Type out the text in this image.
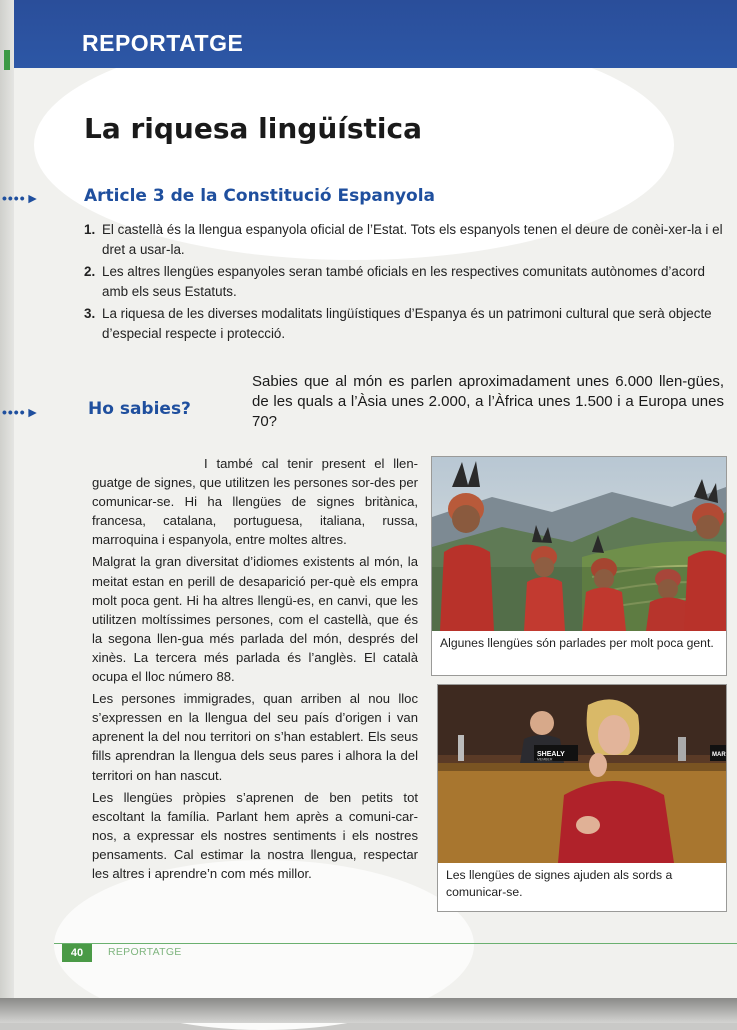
REPORTATGE
La riquesa lingüística
••••►	Article 3 de la Constitució Espanyola
1. El castellà és la llengua espanyola oficial de l’Estat. Tots els espanyols tenen el deure de conèi-xer-la i el dret a usar-la.
2. Les altres llengües espanyoles seran també oficials en les respectives comunitats autònomes d’acord amb els seus Estatuts.
3. La riquesa de les diverses modalitats lingüístiques d’Espanya és un patrimoni cultural que serà objecte d’especial respecte i protecció.
••••►	Ho sabies?
Sabies que al món es parlen aproximadament unes 6.000 llen-gües, de les quals a l’Àsia unes 2.000, a l’Àfrica unes 1.500 i a Europa unes 70?

I també cal tenir present el llen-guatge de signes, que utilitzen les persones sor-des per comunicar-se. Hi ha llengües de signes britànica, francesa, catalana, portuguesa, italiana, russa, marroquina i espanyola, entre moltes altres.

Malgrat la gran diversitat d’idiomes existents al món, la meitat estan en perill de desaparició per-què els empra molt poca gent. Hi ha altres llengü-es, en canvi, que les utilitzen moltíssimes persones, com el castellà, que és la segona llen-gua més parlada del món, després del xinès. La tercera més parlada és l’anglès. El català ocupa el lloc número 88.

Les persones immigrades, quan arriben al nou lloc s’expressen en la llengua del seu país d’origen i van aprenent la del nou territori on s’han establert. Els seus fills aprendran la llengua dels seus pares i alhora la del territori on han nascut.

Les llengües pròpies s’aprenen de ben petits tot escoltant la família. Parlant hem après a comuni-car-nos, a expressar els nostres sentiments i els nostres pensaments. Cal estimar la nostra llengua, respectar les altres i aprendre’n com més millor.

Algunes llengües són parlades per molt poca gent.
SHEALY
MEMBER
MAR
Les llengües de signes ajuden als sords a comunicar-se.
40	REPORTATGE
